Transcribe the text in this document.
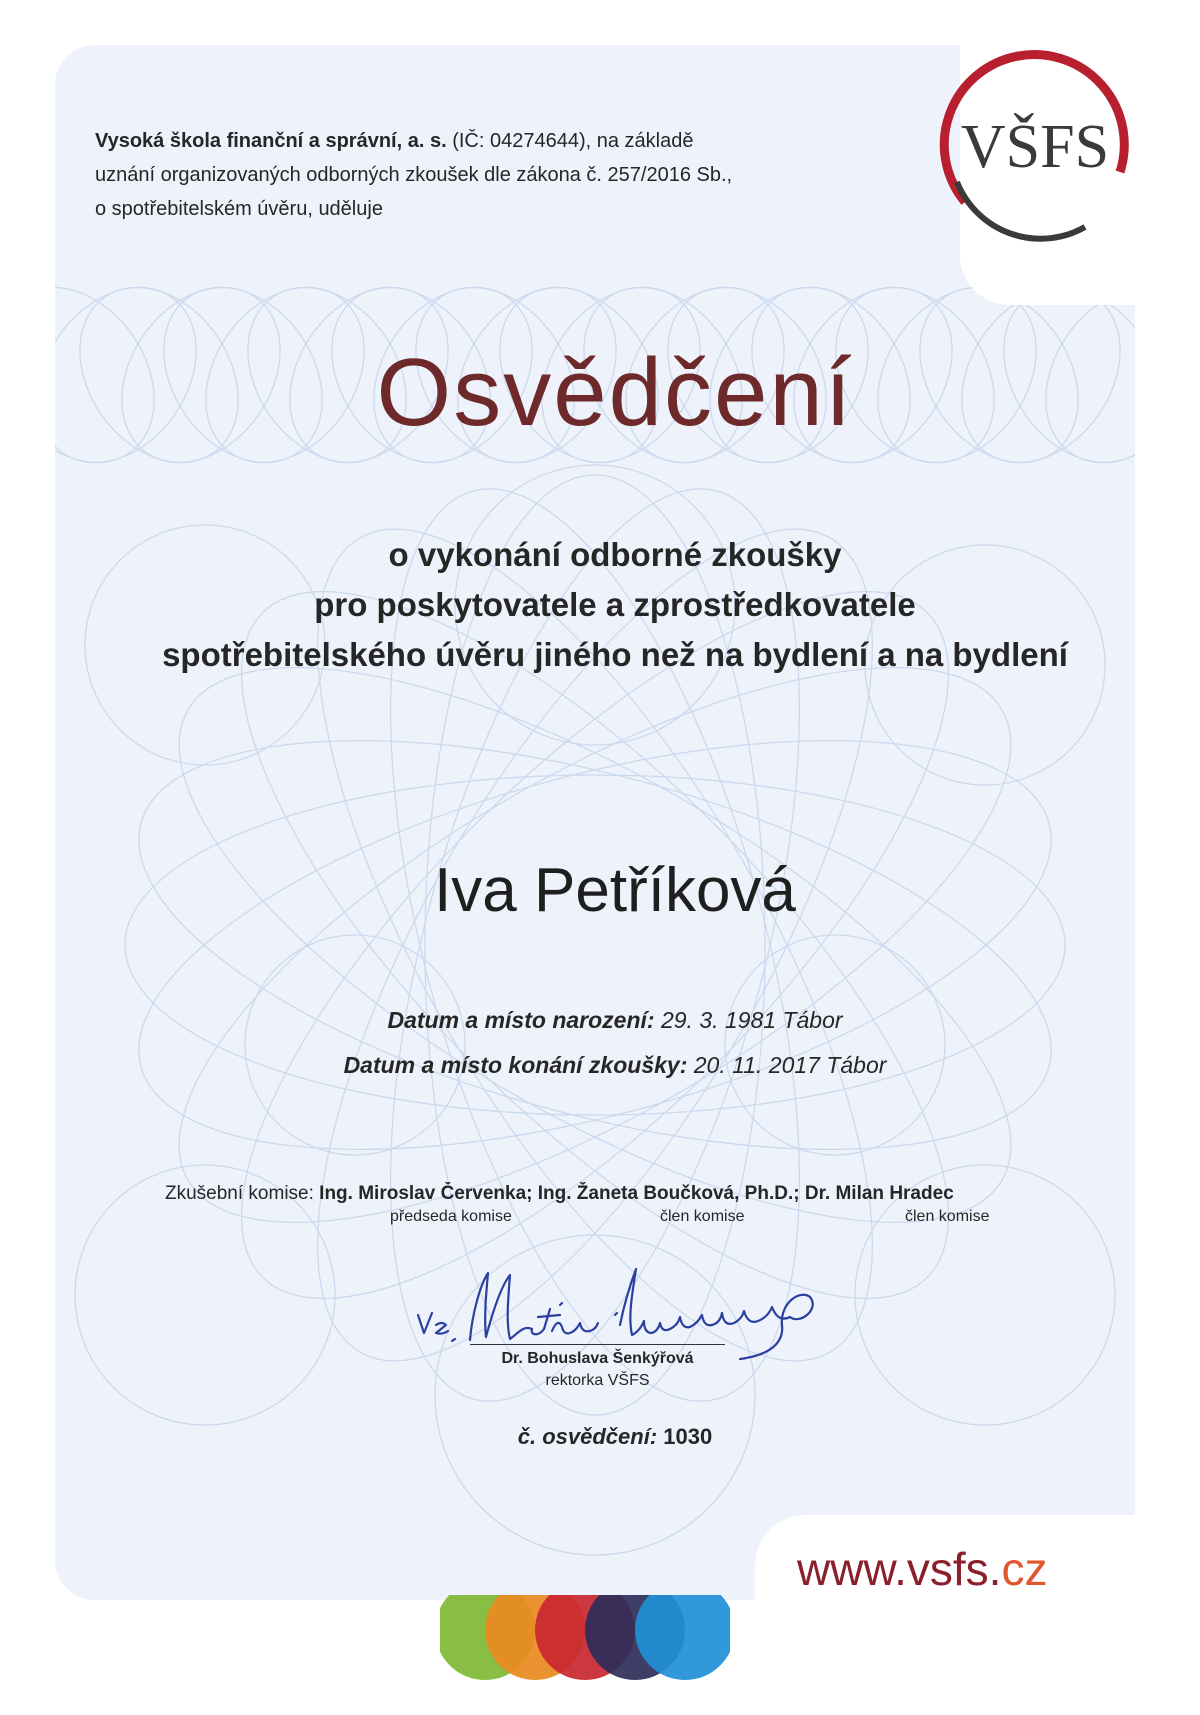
VŠFS
Vysoká škola finanční a správní, a. s. (IČ: 04274644), na základě
uznání organizovaných odborných zkoušek dle zákona č. 257/2016 Sb.,
o spotřebitelském úvěru, uděluje
Osvědčení
o vykonání odborné zkoušky
pro poskytovatele a zprostředkovatele
spotřebitelského úvěru jiného než na bydlení a na bydlení
Iva Petříková
Datum a místo narození: 29. 3. 1981 Tábor
Datum a místo konání zkoušky: 20. 11. 2017 Tábor
Zkušební komise: Ing. Miroslav Červenka; Ing. Žaneta Boučková, Ph.D.; Dr. Milan Hradec
předseda komise	člen komise	člen komise
Dr. Bohuslava Šenkýřová
rektorka VŠFS
č. osvědčení: 1030
www.vsfs.cz
